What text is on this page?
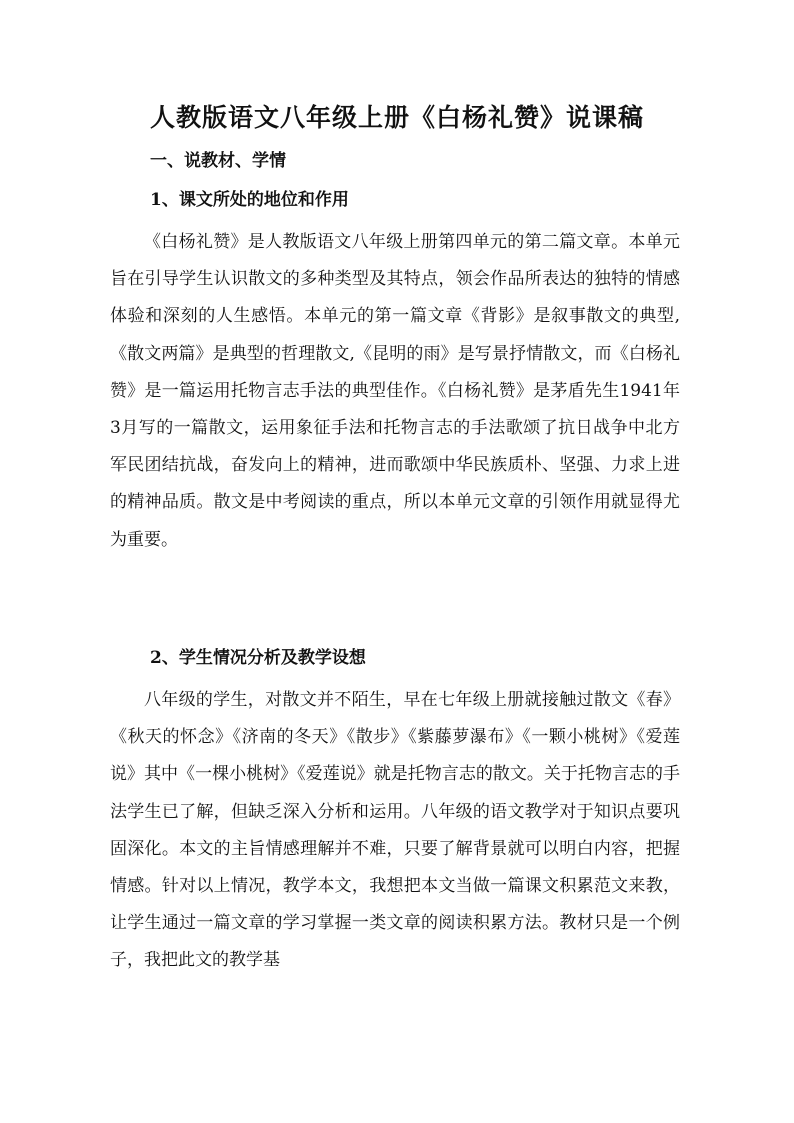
人教版语文八年级上册《白杨礼赞》说课稿
一、说教材、学情
1、课文所处的地位和作用

《白杨礼赞》是人教版语文八年级上册第四单元的第二篇文章。本单元旨在引导学生认识散文的多种类型及其特点，领会作品所表达的独特的情感体验和深刻的人生感悟。本单元的第一篇文章《背影》是叙事散文的典型,《散文两篇》是典型的哲理散文,《昆明的雨》是写景抒情散文，而《白杨礼赞》是一篇运用托物言志手法的典型佳作。《白杨礼赞》是茅盾先生1941年3月写的一篇散文，运用象征手法和托物言志的手法歌颂了抗日战争中北方军民团结抗战，奋发向上的精神，进而歌颂中华民族质朴、坚强、力求上进的精神品质。散文是中考阅读的重点，所以本单元文章的引领作用就显得尤为重要。

2、学生情况分析及教学设想

八年级的学生，对散文并不陌生，早在七年级上册就接触过散文《春》《秋天的怀念》《济南的冬天》《散步》《紫藤萝瀑布》《一颗小桃树》《爱莲说》其中《一棵小桃树》《爱莲说》就是托物言志的散文。关于托物言志的手法学生已了解，但缺乏深入分析和运用。八年级的语文教学对于知识点要巩固深化。本文的主旨情感理解并不难，只要了解背景就可以明白内容，把握情感。针对以上情况，教学本文，我想把本文当做一篇课文积累范文来教，让学生通过一篇文章的学习掌握一类文章的阅读积累方法。教材只是一个例子，我把此文的教学基
